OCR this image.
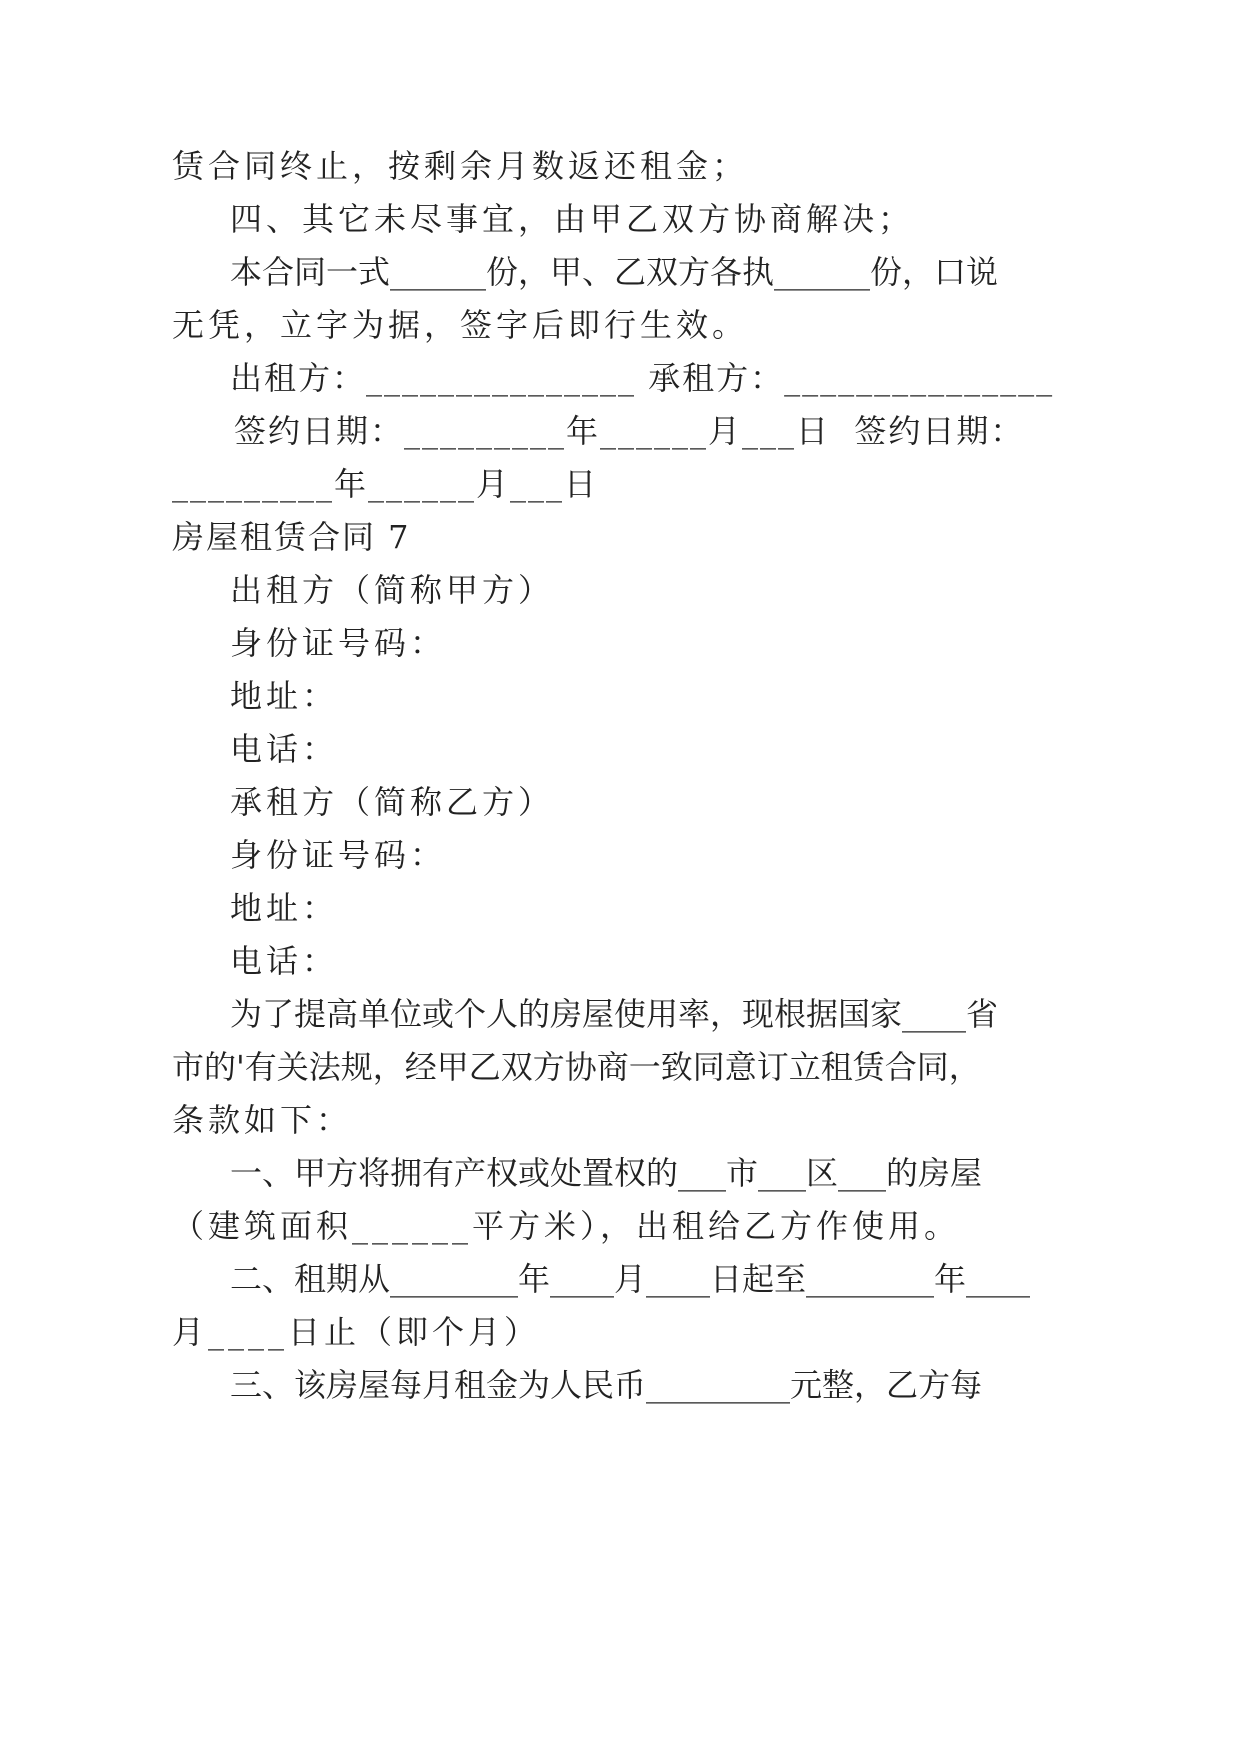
赁合同终止，按剩余月数返还租金；

四、其它未尽事宜，由甲乙双方协商解决；

本合同一式______份，甲、乙双方各执______份，口说

无凭，立字为据，签字后即行生效。

出租方：_______________ 承租方：_______________

签约日期：_________年______月___日  签约日期：

_________年______月___日

房屋租赁合同 7

出租方（简称甲方）

身份证号码：

地址：

电话：

承租方（简称乙方）

身份证号码：

地址：

电话：

为了提高单位或个人的房屋使用率，现根据国家____省

市的'有关法规，经甲乙双方协商一致同意订立租赁合同，

条款如下：

一、甲方将拥有产权或处置权的___市___区___的房屋

（建筑面积______平方米），出租给乙方作使用。

二、租期从________年____月____日起至________年____

月____日止（即个月）

三、该房屋每月租金为人民币_________元整，乙方每
